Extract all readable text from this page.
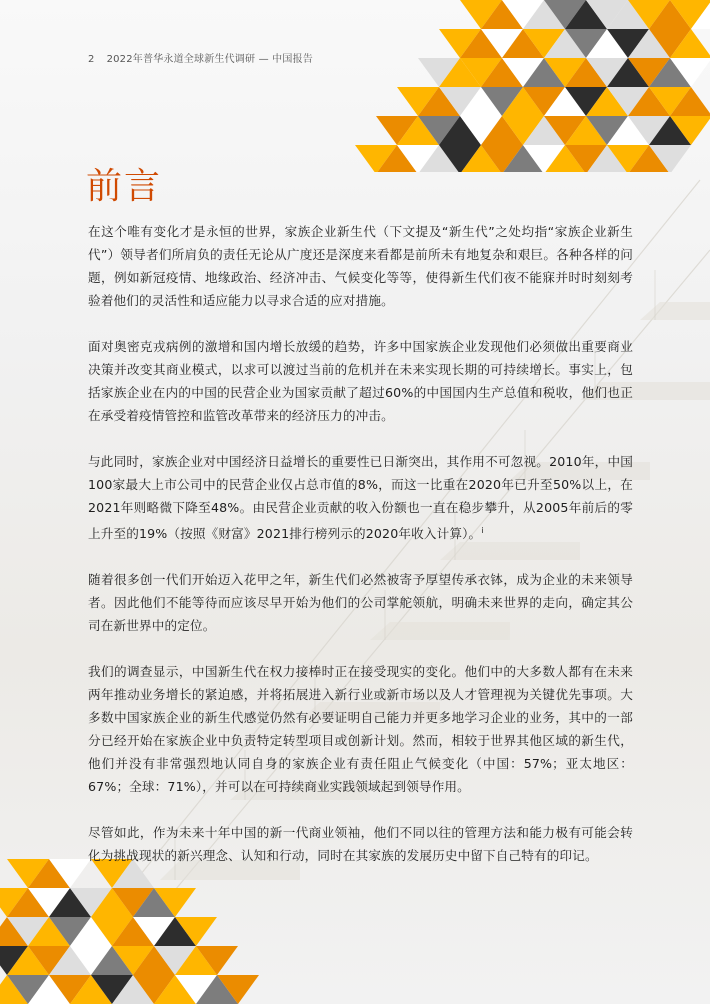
2 2022年普华永道全球新生代调研 — 中国报告
前言

在这个唯有变化才是永恒的世界，家族企业新生代（下文提及“新生代”之处均指“家族企业新生代”）领导者们所肩负的责任无论从广度还是深度来看都是前所未有地复杂和艰巨。各种各样的问题，例如新冠疫情、地缘政治、经济冲击、气候变化等等，使得新生代们夜不能寐并时时刻刻考验着他们的灵活性和适应能力以寻求合适的应对措施。

面对奥密克戎病例的激增和国内增长放缓的趋势，许多中国家族企业发现他们必须做出重要商业决策并改变其商业模式，以求可以渡过当前的危机并在未来实现长期的可持续增长。事实上，包括家族企业在内的中国的民营企业为国家贡献了超过60%的中国国内生产总值和税收，他们也正在承受着疫情管控和监管改革带来的经济压力的冲击。

与此同时，家族企业对中国经济日益增长的重要性已日渐突出，其作用不可忽视。2010年，中国100家最大上市公司中的民营企业仅占总市值的8%，而这一比重在2020年已升至50%以上，在2021年则略微下降至48%。由民营企业贡献的收入份额也一直在稳步攀升，从2005年前后的零上升至的19%（按照《财富》2021排行榜列示的2020年收入计算）。$^i$

随着很多创一代们开始迈入花甲之年，新生代们必然被寄予厚望传承衣钵，成为企业的未来领导者。因此他们不能等待而应该尽早开始为他们的公司掌舵领航，明确未来世界的走向，确定其公司在新世界中的定位。

我们的调查显示，中国新生代在权力接棒时正在接受现实的变化。他们中的大多数人都有在未来两年推动业务增长的紧迫感，并将拓展进入新行业或新市场以及人才管理视为关键优先事项。大多数中国家族企业的新生代感觉仍然有必要证明自己能力并更多地学习企业的业务，其中的一部分已经开始在家族企业中负责特定转型项目或创新计划。然而，相较于世界其他区域的新生代，他们并没有非常强烈地认同自身的家族企业有责任阻止气候变化（中国：57%；亚太地区：67%；全球：71%），并可以在可持续商业实践领域起到领导作用。

尽管如此，作为未来十年中国的新一代商业领袖，他们不同以往的管理方法和能力极有可能会转化为挑战现状的新兴理念、认知和行动，同时在其家族的发展历史中留下自己特有的印记。
